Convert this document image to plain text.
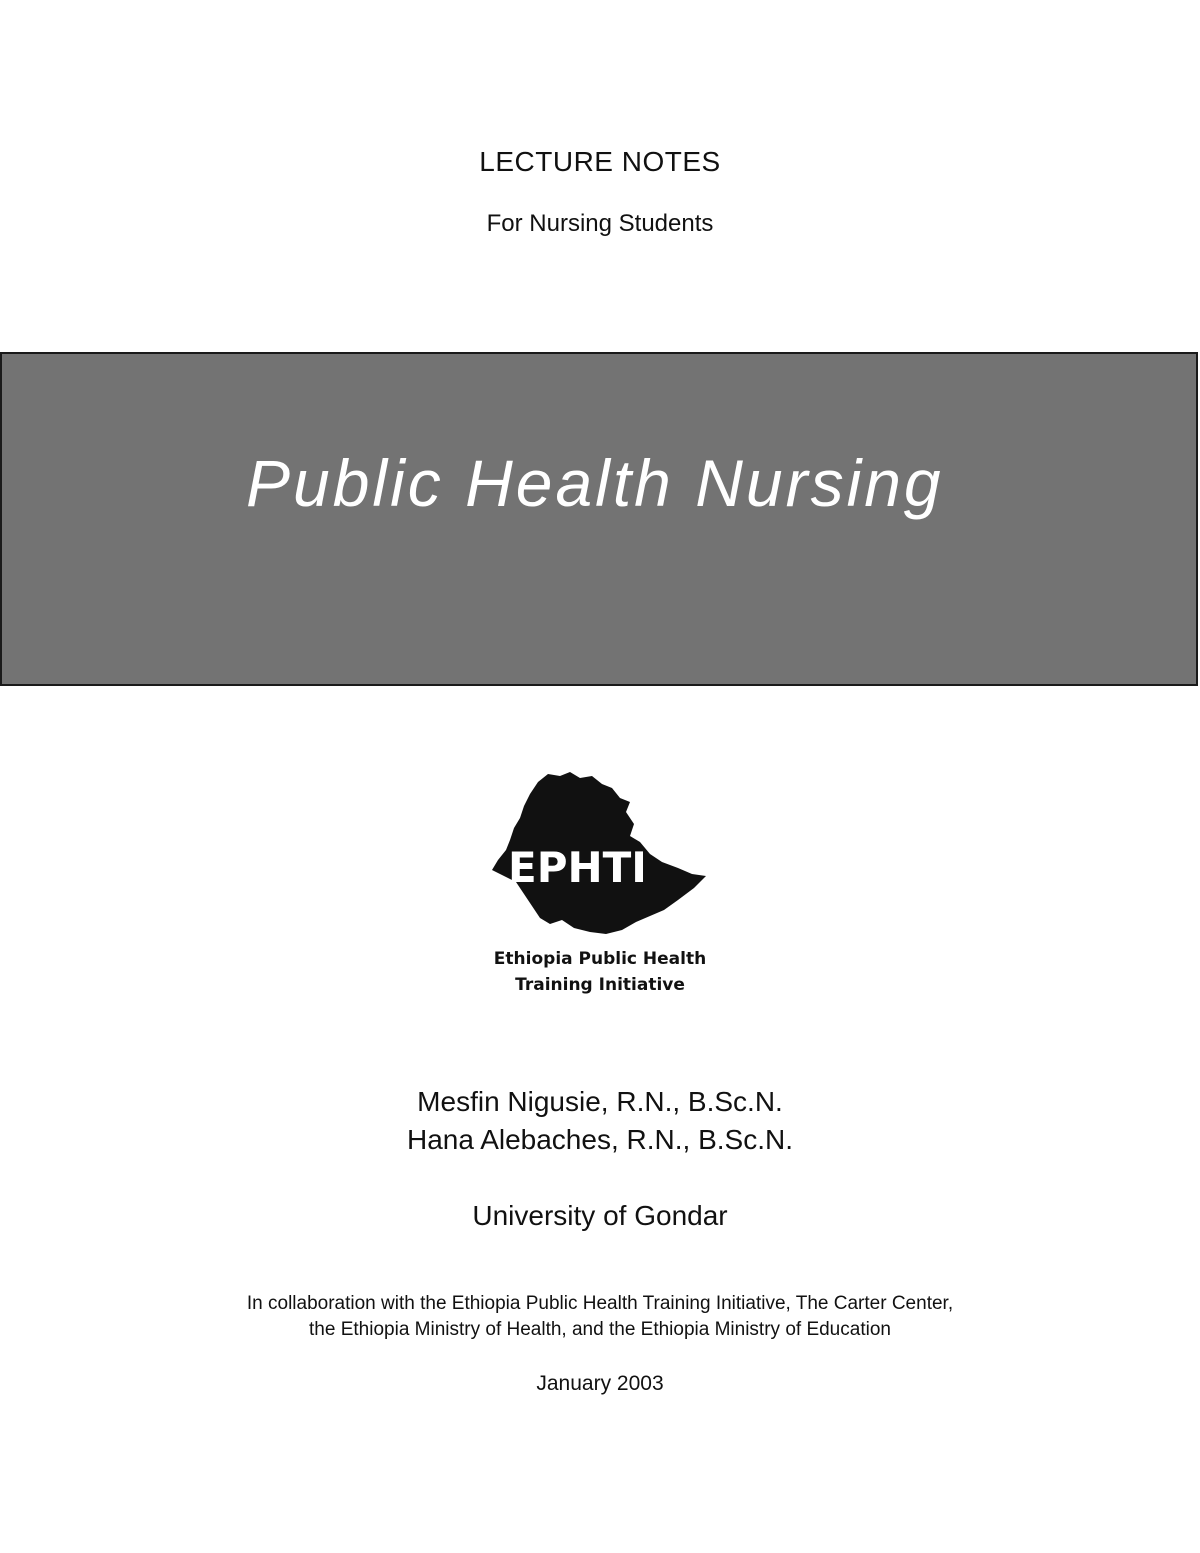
LECTURE NOTES
For Nursing Students
Public Health Nursing
EPHTI
Ethiopia Public Health
Training Initiative
Mesfin Nigusie, R.N., B.Sc.N.
Hana Alebaches, R.N., B.Sc.N.
University of Gondar
In collaboration with the Ethiopia Public Health Training Initiative, The Carter Center,
the Ethiopia Ministry of Health, and the Ethiopia Ministry of Education
January 2003
